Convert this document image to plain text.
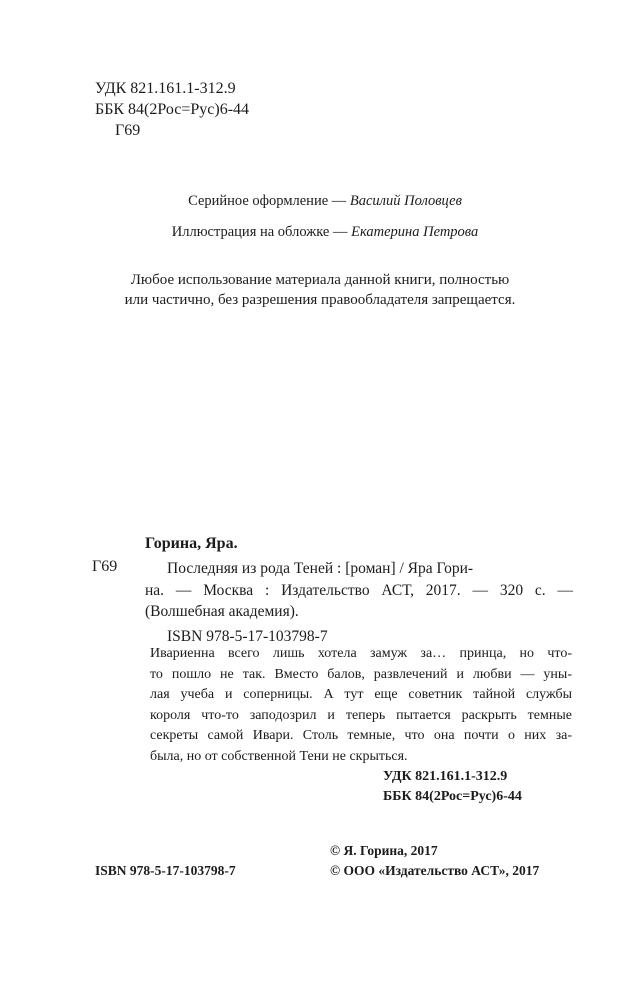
УДК 821.161.1-312.9
ББК 84(2Рос=Рус)6-44
Г69
Серийное оформление — Василий Половцев
Иллюстрация на обложке — Екатерина Петрова
Любое использование материала данной книги, полностью
или частично, без разрешения правообладателя запрещается.
Горина, Яра.
Г69	Последняя из рода Теней : [роман] / Яра Гори-
на. — Москва : Издательство АСТ, 2017. — 320 с. —
(Волшебная академия).
ISBN 978-5-17-103798-7
Ивариенна всего лишь хотела замуж за… принца, но что-
то пошло не так. Вместо балов, развлечений и любви — уны-
лая учеба и соперницы. А тут еще советник тайной службы
короля что-то заподозрил и теперь пытается раскрыть темные
секреты самой Ивари. Столь темные, что она почти о них за-
была, но от собственной Тени не скрыться.
УДК 821.161.1-312.9
ББК 84(2Рос=Рус)6-44
© Я. Горина, 2017
© ООО «Издательство АСТ», 2017
ISBN 978-5-17-103798-7
